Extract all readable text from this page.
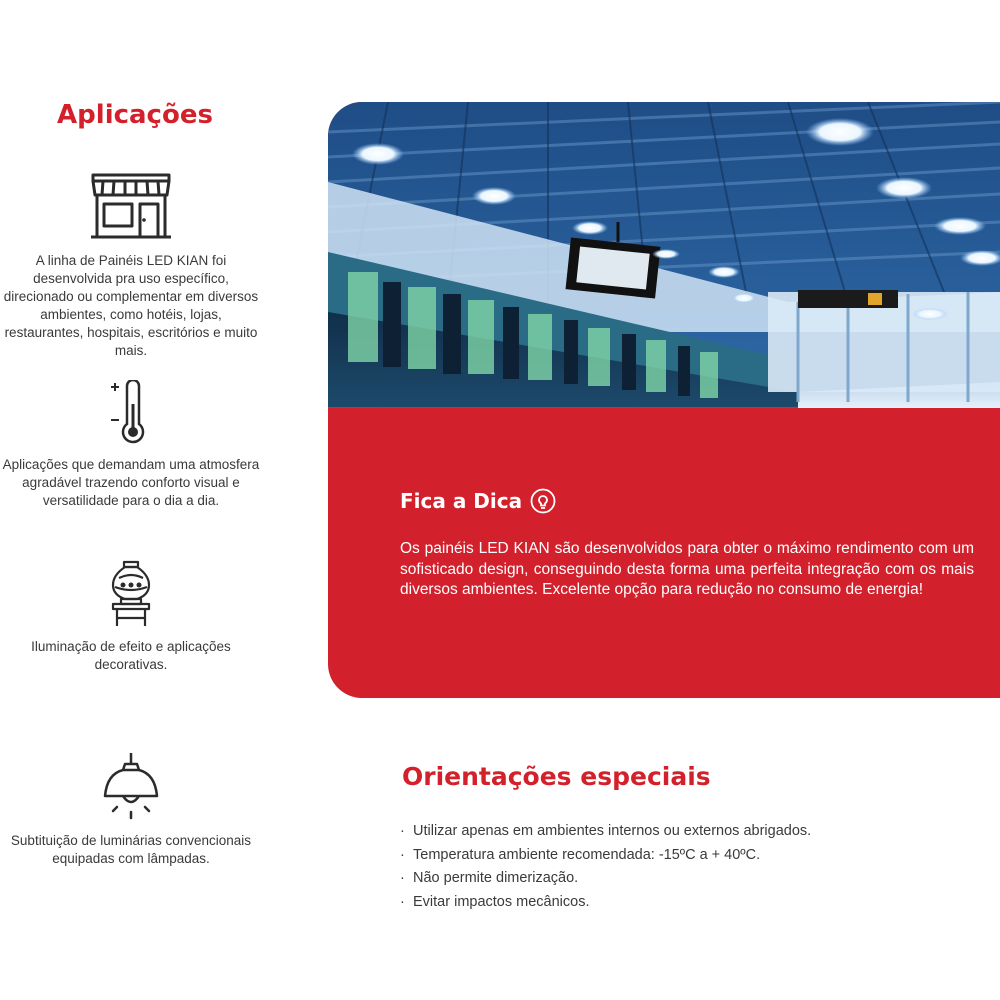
Aplicações
A linha de Painéis LED KIAN foi desenvolvida pra uso específico, direcionado ou complementar em diversos ambientes, como hotéis, lojas, restaurantes, hospitais, escritórios e muito mais.
Aplicações que demandam uma atmosfera agradável trazendo conforto visual e versatilidade para o dia a dia.
Iluminação de efeito e aplicações decorativas.
Subtituição de luminárias convencionais equipadas com lâmpadas.
Fica a Dica

Os painéis LED KIAN são desenvolvidos para obter o máximo rendimento com um sofisticado design, conseguindo desta forma uma perfeita integração com os mais diversos ambientes. Excelente opção para redução no consumo de energia!

Orientações especiais
· Utilizar apenas em ambientes internos ou externos abrigados.
· Temperatura ambiente recomendada: -15ºC a + 40ºC.
· Não permite dimerização.
· Evitar impactos mecânicos.
